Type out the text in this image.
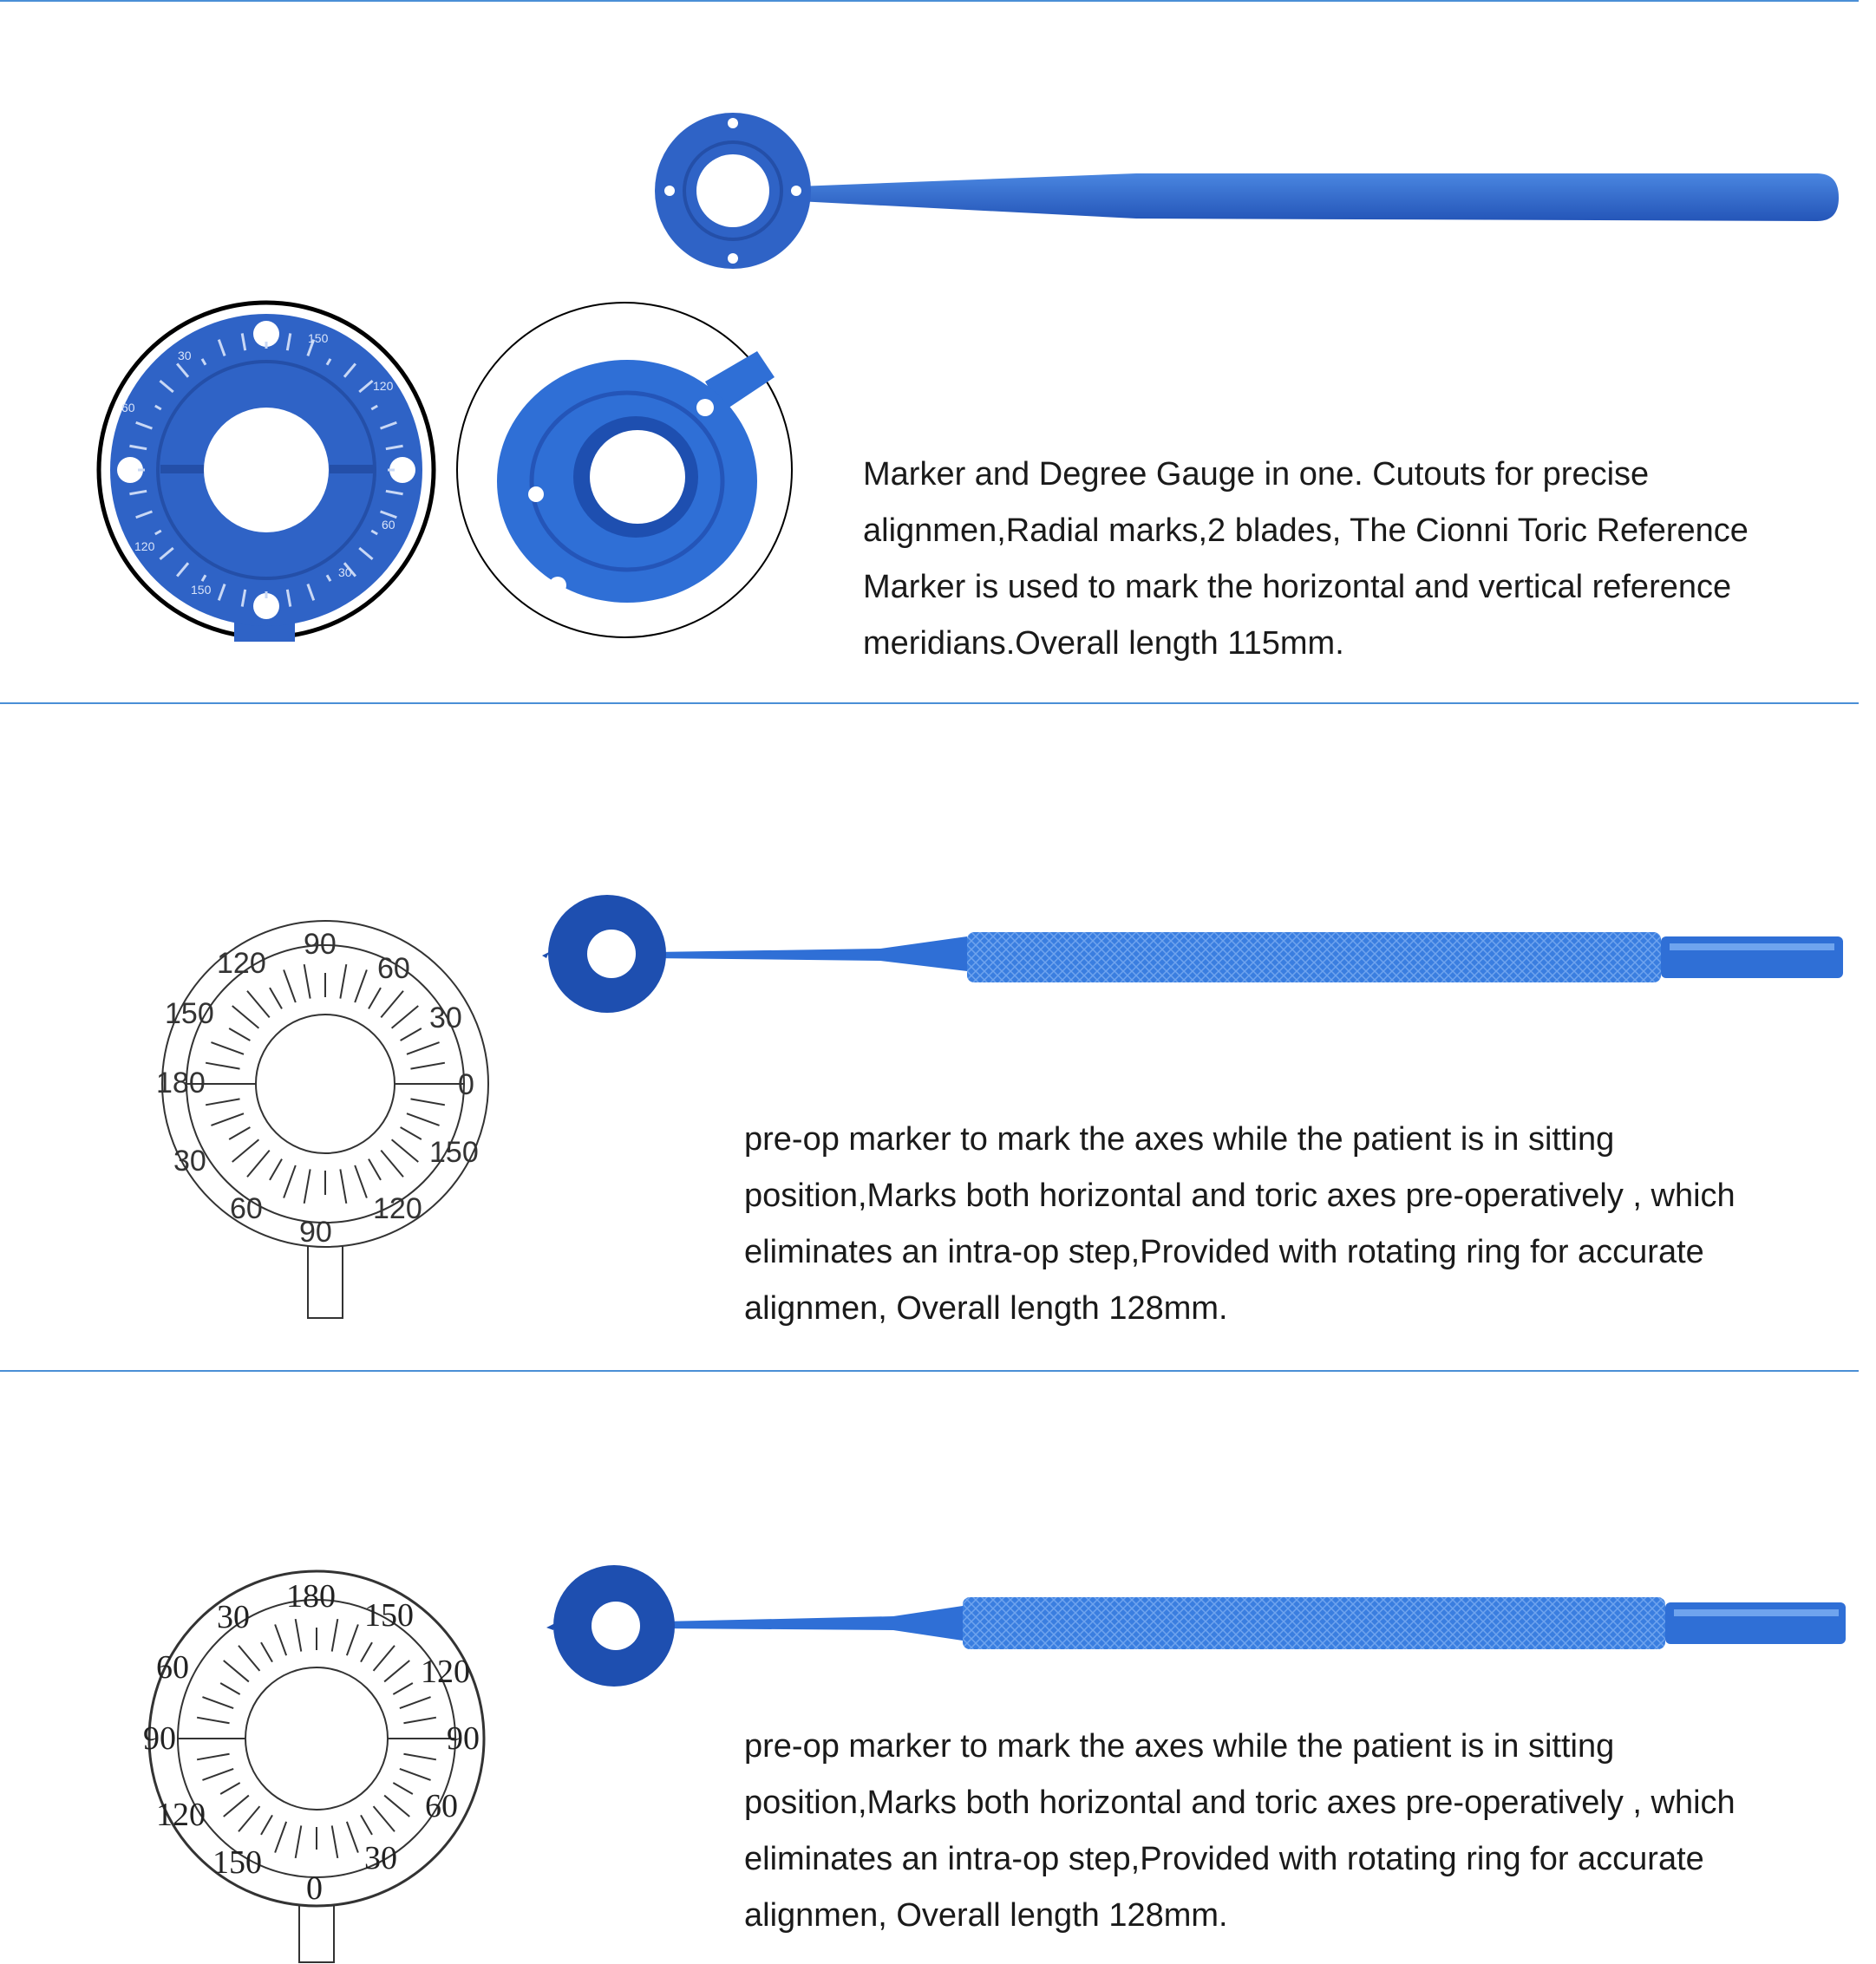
30
150
120
60
120
150
30
60
Marker and Degree Gauge in one. Cutouts for precise alignmen,Radial marks,2 blades, The Cionni Toric Reference Marker is used to mark the horizontal and vertical reference meridians.Overall length 115mm.
90
60
30
0
150
120
90
60
30
180
150
120
pre-op marker to mark the axes while the patient is in sitting position,Marks both horizontal and toric axes pre-operatively , which eliminates an intra-op step,Provided with rotating ring for accurate alignmen, Overall length 128mm.
180
150
120
90
60
30
0
150
120
90
60
30
pre-op marker to mark the axes while the patient is in sitting position,Marks both horizontal and toric axes pre-operatively , which eliminates an intra-op step,Provided with rotating ring for accurate alignmen, Overall length 128mm.
